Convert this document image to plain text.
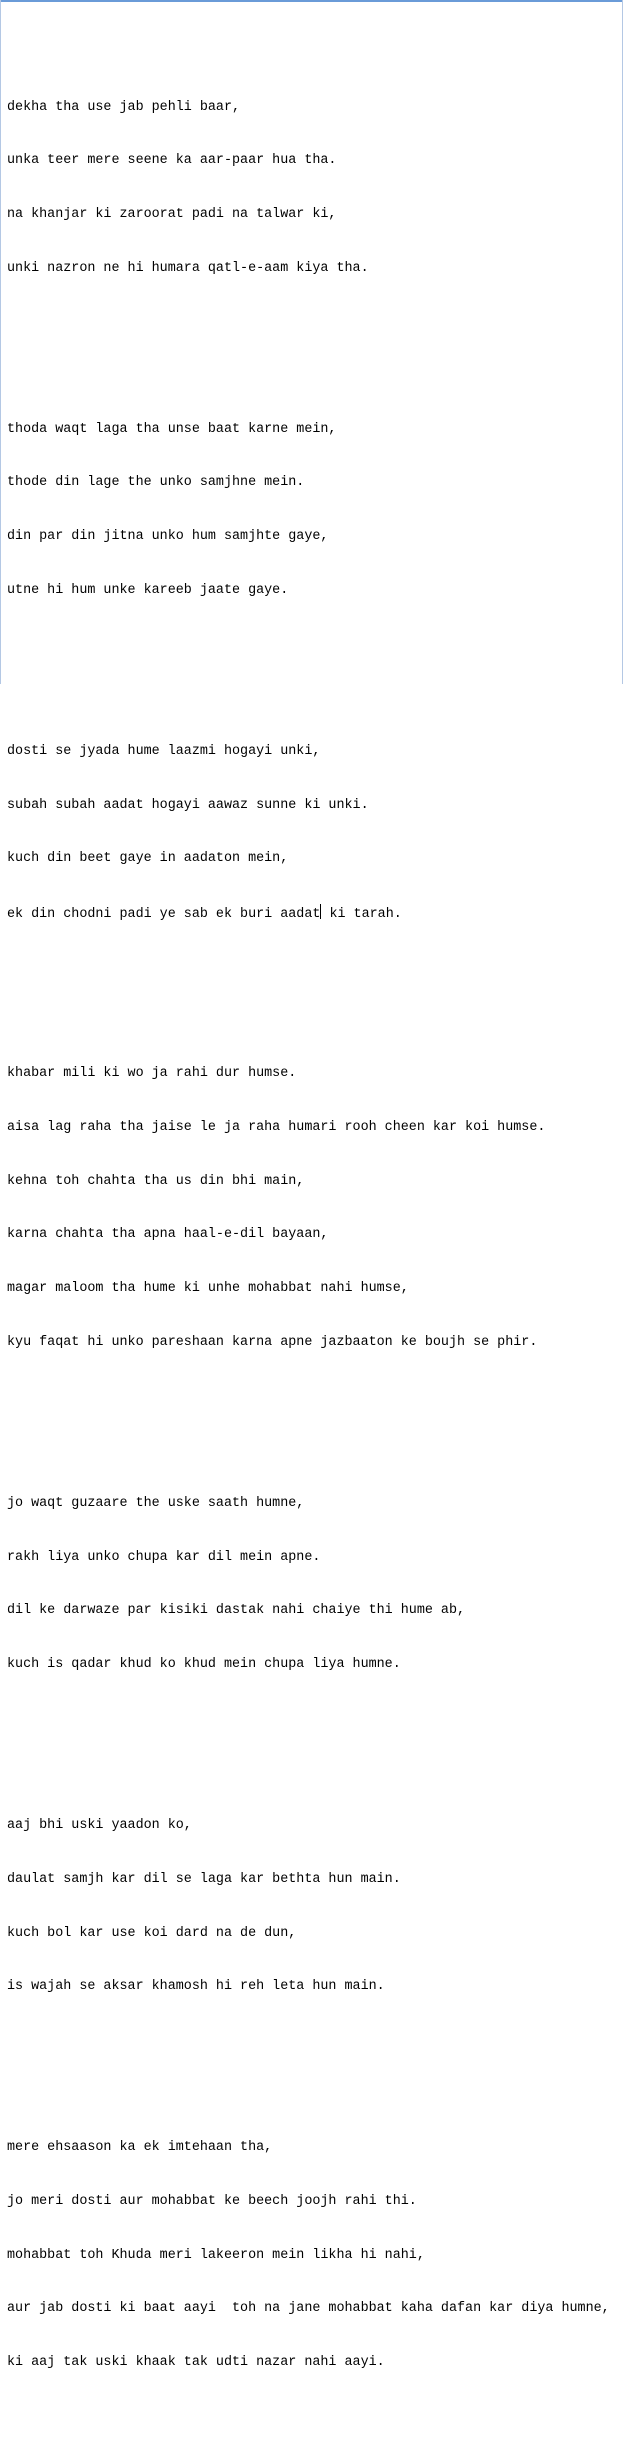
dekha tha use jab pehli baar,

unka teer mere seene ka aar-paar hua tha.

na khanjar ki zaroorat padi na talwar ki,

unki nazron ne hi humara qatl-e-aam kiya tha.

thoda waqt laga tha unse baat karne mein,

thode din lage the unko samjhne mein.

din par din jitna unko hum samjhte gaye,

utne hi hum unke kareeb jaate gaye.

dosti se jyada hume laazmi hogayi unki,

subah subah aadat hogayi aawaz sunne ki unki.

kuch din beet gaye in aadaton mein,

ek din chodni padi ye sab ek buri aadat ki tarah.

khabar mili ki wo ja rahi dur humse.

aisa lag raha tha jaise le ja raha humari rooh cheen kar koi humse.

kehna toh chahta tha us din bhi main,

karna chahta tha apna haal-e-dil bayaan,

magar maloom tha hume ki unhe mohabbat nahi humse,

kyu faqat hi unko pareshaan karna apne jazbaaton ke boujh se phir.

jo waqt guzaare the uske saath humne,

rakh liya unko chupa kar dil mein apne.

dil ke darwaze par kisiki dastak nahi chaiye thi hume ab,

kuch is qadar khud ko khud mein chupa liya humne.

aaj bhi uski yaadon ko,

daulat samjh kar dil se laga kar bethta hun main.

kuch bol kar use koi dard na de dun,

is wajah se aksar khamosh hi reh leta hun main.

mere ehsaason ka ek imtehaan tha,

jo meri dosti aur mohabbat ke beech joojh rahi thi.

mohabbat toh Khuda meri lakeeron mein likha hi nahi,

aur jab dosti ki baat aayi  toh na jane mohabbat kaha dafan kar diya humne,

ki aaj tak uski khaak tak udti nazar nahi aayi.
